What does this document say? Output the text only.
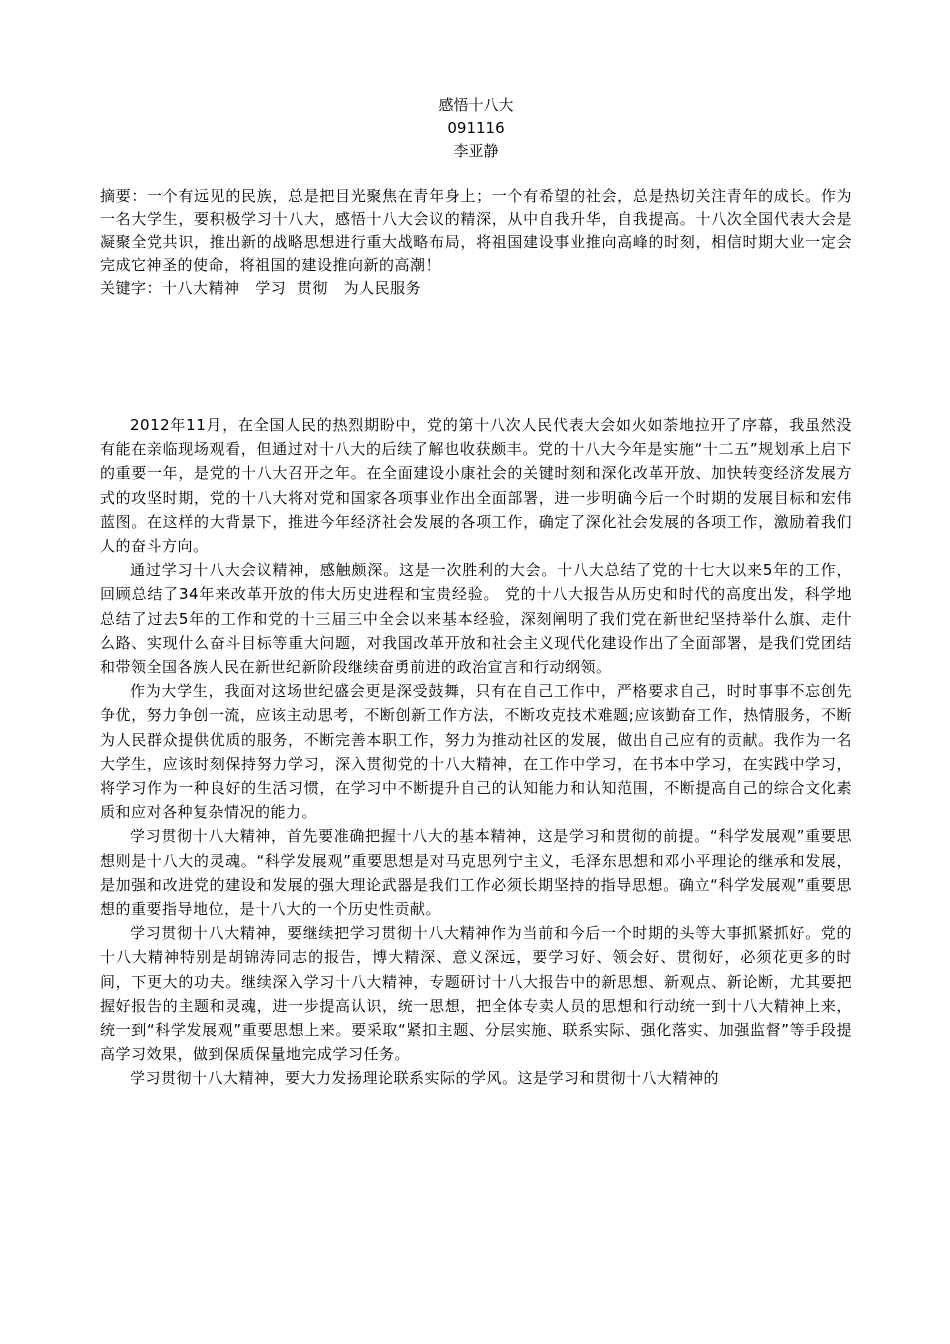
感悟十八大
091116
李亚静
摘要：一个有远见的民族，总是把目光聚焦在青年身上；一个有希望的社会，总是热切关注青年的成长。作为一名大学生，要积极学习十八大，感悟十八大会议的精深，从中自我升华，自我提高。十八次全国代表大会是凝聚全党共识，推出新的战略思想进行重大战略布局，将祖国建设事业推向高峰的时刻，相信时期大业一定会完成它神圣的使命，将祖国的建设推向新的高潮！
关键字：十八大精神   学习  贯彻   为人民服务

2012年11月，在全国人民的热烈期盼中，党的第十八次人民代表大会如火如荼地拉开了序幕，我虽然没有能在亲临现场观看，但通过对十八大的后续了解也收获颇丰。党的十八大今年是实施“十二五”规划承上启下的重要一年，是党的十八大召开之年。在全面建设小康社会的关键时刻和深化改革开放、加快转变经济发展方式的攻坚时期，党的十八大将对党和国家各项事业作出全面部署，进一步明确今后一个时期的发展目标和宏伟蓝图。在这样的大背景下，推进今年经济社会发展的各项工作，确定了深化社会发展的各项工作，激励着我们人的奋斗方向。

通过学习十八大会议精神，感触颇深。这是一次胜利的大会。十八大总结了党的十七大以来5年的工作，回顾总结了34年来改革开放的伟大历史进程和宝贵经验。 党的十八大报告从历史和时代的高度出发，科学地总结了过去5年的工作和党的十三届三中全会以来基本经验，深刻阐明了我们党在新世纪坚持举什么旗、走什么路、实现什么奋斗目标等重大问题，对我国改革开放和社会主义现代化建设作出了全面部署，是我们党团结和带领全国各族人民在新世纪新阶段继续奋勇前进的政治宣言和行动纲领。

作为大学生，我面对这场世纪盛会更是深受鼓舞，只有在自己工作中，严格要求自己，时时事事不忘创先争优，努力争创一流，应该主动思考，不断创新工作方法，不断攻克技术难题;应该勤奋工作，热情服务，不断为人民群众提供优质的服务，不断完善本职工作，努力为推动社区的发展，做出自己应有的贡献。我作为一名大学生，应该时刻保持努力学习，深入贯彻党的十八大精神，在工作中学习，在书本中学习，在实践中学习，将学习作为一种良好的生活习惯，在学习中不断提升自己的认知能力和认知范围，不断提高自己的综合文化素质和应对各种复杂情况的能力。

学习贯彻十八大精神，首先要准确把握十八大的基本精神，这是学习和贯彻的前提。“科学发展观”重要思想则是十八大的灵魂。“科学发展观”重要思想是对马克思列宁主义，毛泽东思想和邓小平理论的继承和发展，是加强和改进党的建设和发展的强大理论武器是我们工作必须长期坚持的指导思想。确立“科学发展观”重要思想的重要指导地位，是十八大的一个历史性贡献。

学习贯彻十八大精神，要继续把学习贯彻十八大精神作为当前和今后一个时期的头等大事抓紧抓好。党的十八大精神特别是胡锦涛同志的报告，博大精深、意义深远，要学习好、领会好、贯彻好，必须花更多的时间，下更大的功夫。继续深入学习十八大精神，专题研讨十八大报告中的新思想、新观点、新论断，尤其要把握好报告的主题和灵魂，进一步提高认识，统一思想，把全体专卖人员的思想和行动统一到十八大精神上来，统一到“科学发展观”重要思想上来。要采取“紧扣主题、分层实施、联系实际、强化落实、加强监督”等手段提高学习效果，做到保质保量地完成学习任务。

学习贯彻十八大精神，要大力发扬理论联系实际的学风。这是学习和贯彻十八大精神的
